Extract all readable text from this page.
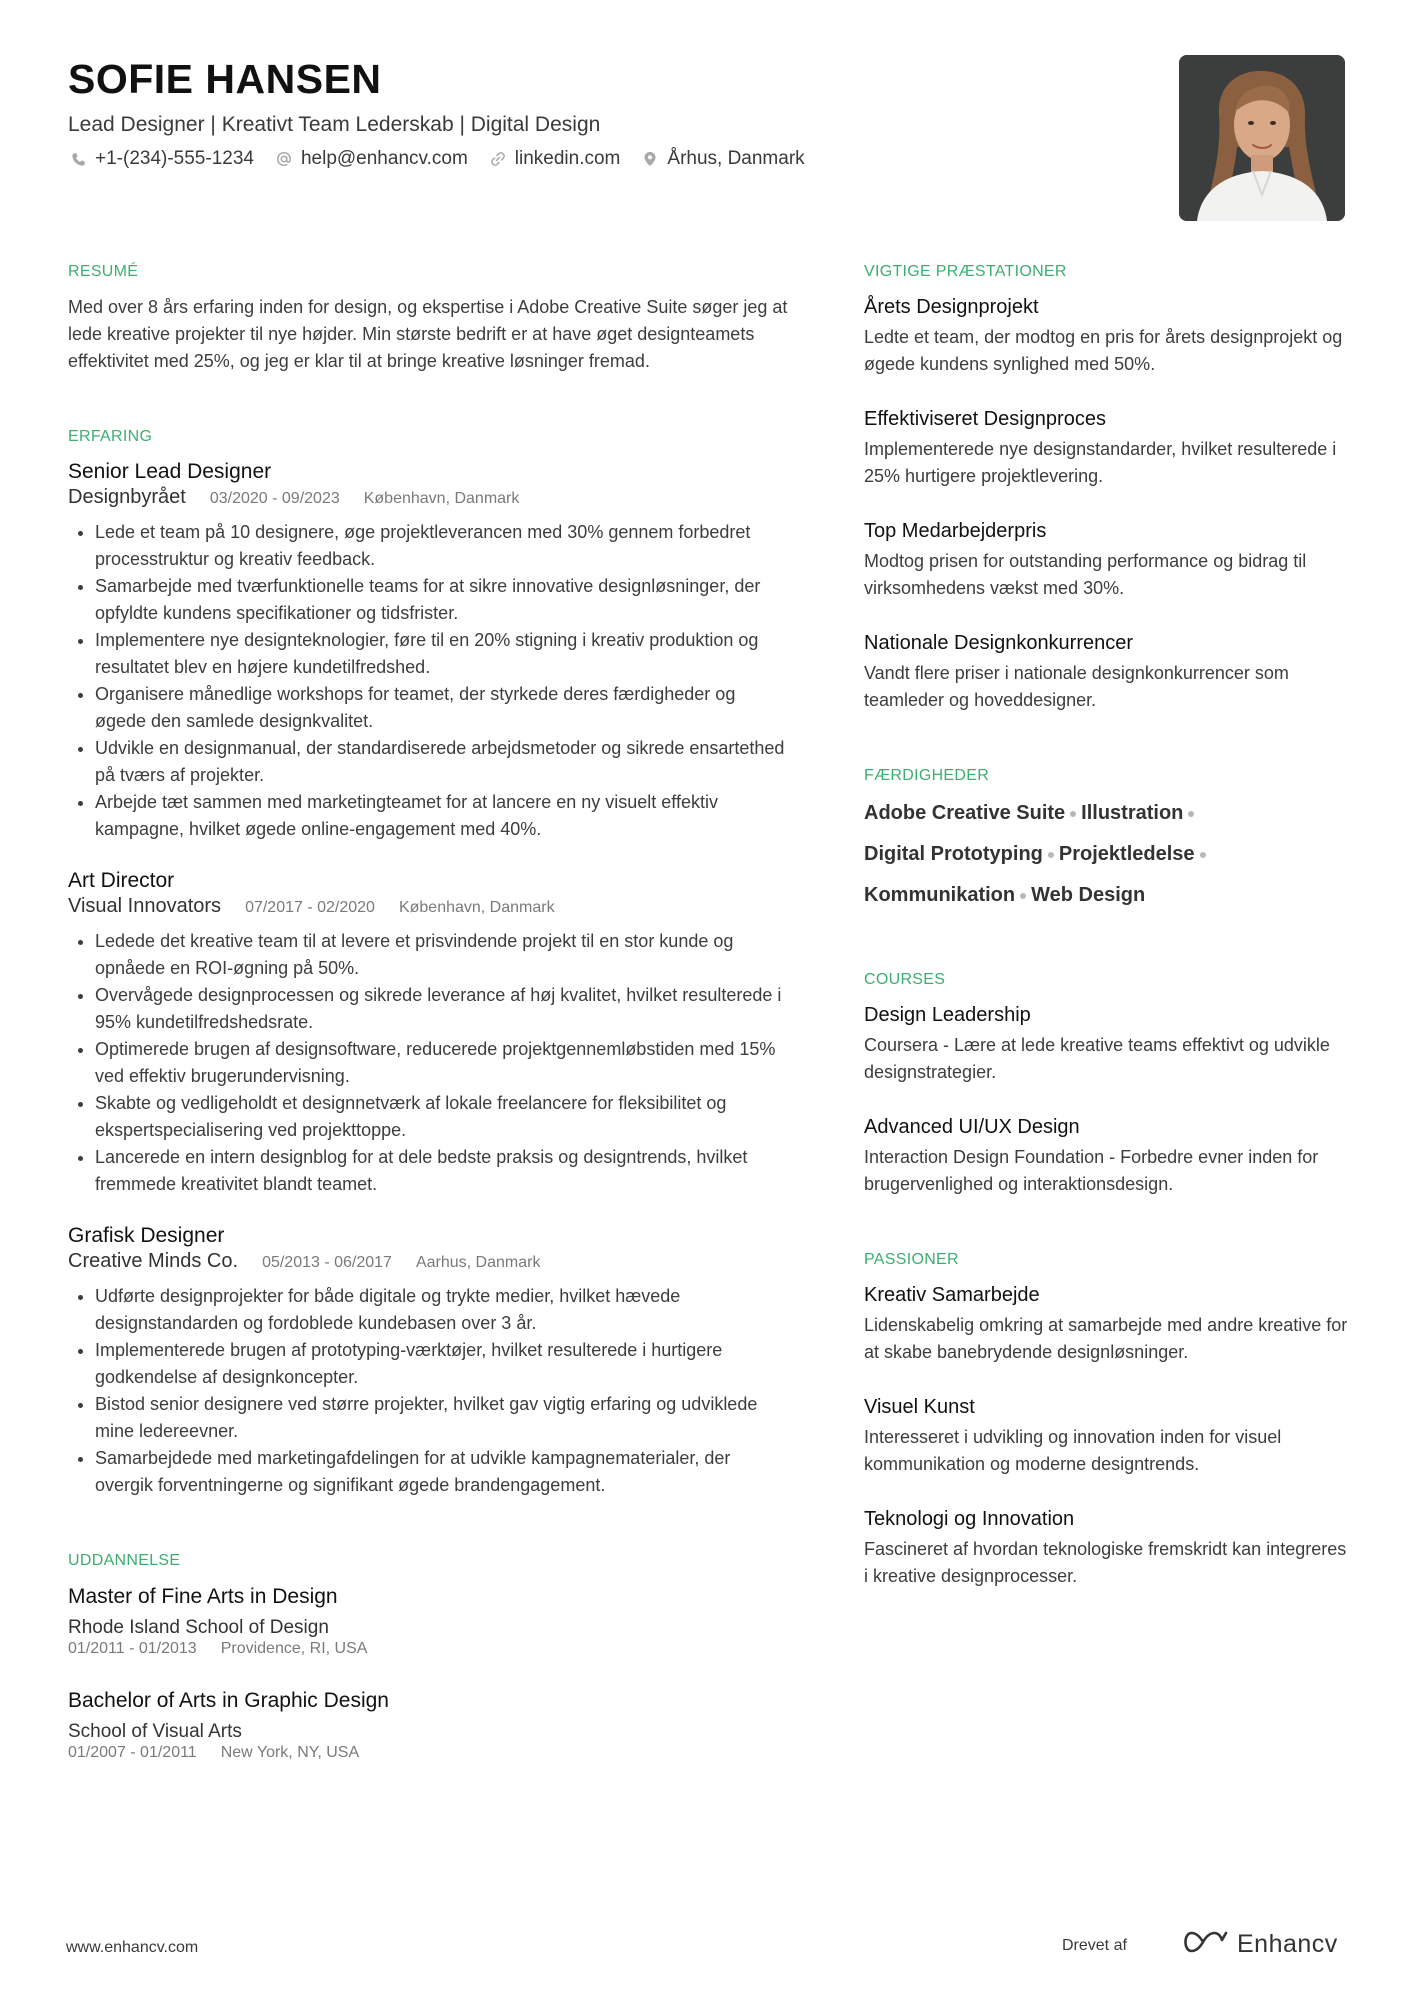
SOFIE HANSEN
Lead Designer | Kreativt Team Lederskab | Digital Design
+1-(234)-555-1234 help@enhancv.com linkedin.com Århus, Danmark
RESUMÉ

Med over 8 års erfaring inden for design, og ekspertise i Adobe Creative Suite søger jeg at lede kreative projekter til nye højder. Min største bedrift er at have øget designteamets effektivitet med 25%, og jeg er klar til at bringe kreative løsninger fremad.

ERFARING
Senior Lead Designer
Designbyrået 03/2020 - 09/2023 København, Danmark
• Lede et team på 10 designere, øge projektleverancen med 30% gennem forbedret processtruktur og kreativ feedback.
• Samarbejde med tværfunktionelle teams for at sikre innovative designløsninger, der opfyldte kundens specifikationer og tidsfrister.
• Implementere nye designteknologier, føre til en 20% stigning i kreativ produktion og resultatet blev en højere kundetilfredshed.
• Organisere månedlige workshops for teamet, der styrkede deres færdigheder og øgede den samlede designkvalitet.
• Udvikle en designmanual, der standardiserede arbejdsmetoder og sikrede ensartethed på tværs af projekter.
• Arbejde tæt sammen med marketingteamet for at lancere en ny visuelt effektiv kampagne, hvilket øgede online-engagement med 40%.
Art Director
Visual Innovators 07/2017 - 02/2020 København, Danmark
• Ledede det kreative team til at levere et prisvindende projekt til en stor kunde og opnåede en ROI-øgning på 50%.
• Overvågede designprocessen og sikrede leverance af høj kvalitet, hvilket resulterede i 95% kundetilfredshedsrate.
• Optimerede brugen af designsoftware, reducerede projektgennemløbstiden med 15% ved effektiv brugerundervisning.
• Skabte og vedligeholdt et designnetværk af lokale freelancere for fleksibilitet og ekspertspecialisering ved projekttoppe.
• Lancerede en intern designblog for at dele bedste praksis og designtrends, hvilket fremmede kreativitet blandt teamet.
Grafisk Designer
Creative Minds Co. 05/2013 - 06/2017 Aarhus, Danmark
• Udførte designprojekter for både digitale og trykte medier, hvilket hævede designstandarden og fordoblede kundebasen over 3 år.
• Implementerede brugen af prototyping-værktøjer, hvilket resulterede i hurtigere godkendelse af designkoncepter.
• Bistod senior designere ved større projekter, hvilket gav vigtig erfaring og udviklede mine ledereevner.
• Samarbejdede med marketingafdelingen for at udvikle kampagnematerialer, der overgik forventningerne og signifikant øgede brandengagement.
UDDANNELSE
Master of Fine Arts in Design
Rhode Island School of Design
01/2011 - 01/2013 Providence, RI, USA
Bachelor of Arts in Graphic Design
School of Visual Arts
01/2007 - 01/2011 New York, NY, USA
VIGTIGE PRÆSTATIONER
Årets Designprojekt
Ledte et team, der modtog en pris for årets designprojekt og øgede kundens synlighed med 50%.
Effektiviseret Designproces
Implementerede nye designstandarder, hvilket resulterede i 25% hurtigere projektlevering.
Top Medarbejderpris
Modtog prisen for outstanding performance og bidrag til virksomhedens vækst med 30%.
Nationale Designkonkurrencer
Vandt flere priser i nationale designkonkurrencer som teamleder og hoveddesigner.
FÆRDIGHEDER
Adobe Creative Suite Illustration
Digital Prototyping Projektledelse
Kommunikation Web Design
COURSES
Design Leadership
Coursera - Lære at lede kreative teams effektivt og udvikle designstrategier.
Advanced UI/UX Design
Interaction Design Foundation - Forbedre evner inden for brugervenlighed og interaktionsdesign.
PASSIONER
Kreativ Samarbejde
Lidenskabelig omkring at samarbejde med andre kreative for at skabe banebrydende designløsninger.
Visuel Kunst
Interesseret i udvikling og innovation inden for visuel kommunikation og moderne designtrends.
Teknologi og Innovation
Fascineret af hvordan teknologiske fremskridt kan integreres i kreative designprocesser.
www.enhancv.com	Drevet af	Enhancv
